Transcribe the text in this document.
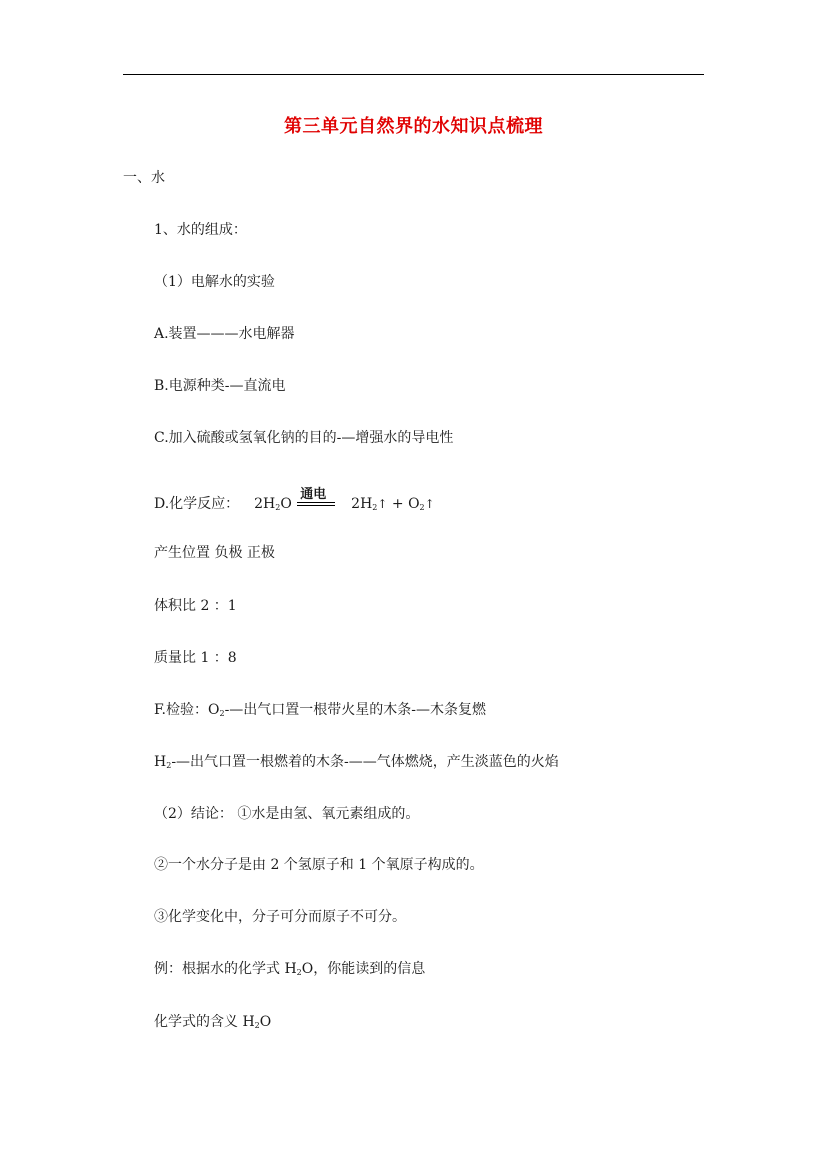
第三单元自然界的水知识点梳理
一、水
1、水的组成：
（1）电解水的实验
A.装置———水电解器
B.电源种类-—直流电
C.加入硫酸或氢氧化钠的目的-—增强水的导电性
D.化学反应： $2H_2O$
通电
$2H_2↑$ + $O_2↑$
产生位置 负极 正极
体积比 2 ：1
质量比 1 ：8
F.检验：$O_2-—$出气口置一根带火星的木条-—木条复燃
$H_2-—$出气口置一根燃着的木条-——气体燃烧，产生淡蓝色的火焰
（2）结论： ①水是由氢、氧元素组成的。
②一个水分子是由 2 个氢原子和 1 个氧原子构成的。
③化学变化中，分子可分而原子不可分。
例：根据水的化学式 $H_2O$，你能读到的信息
化学式的含义 $H_2O$
